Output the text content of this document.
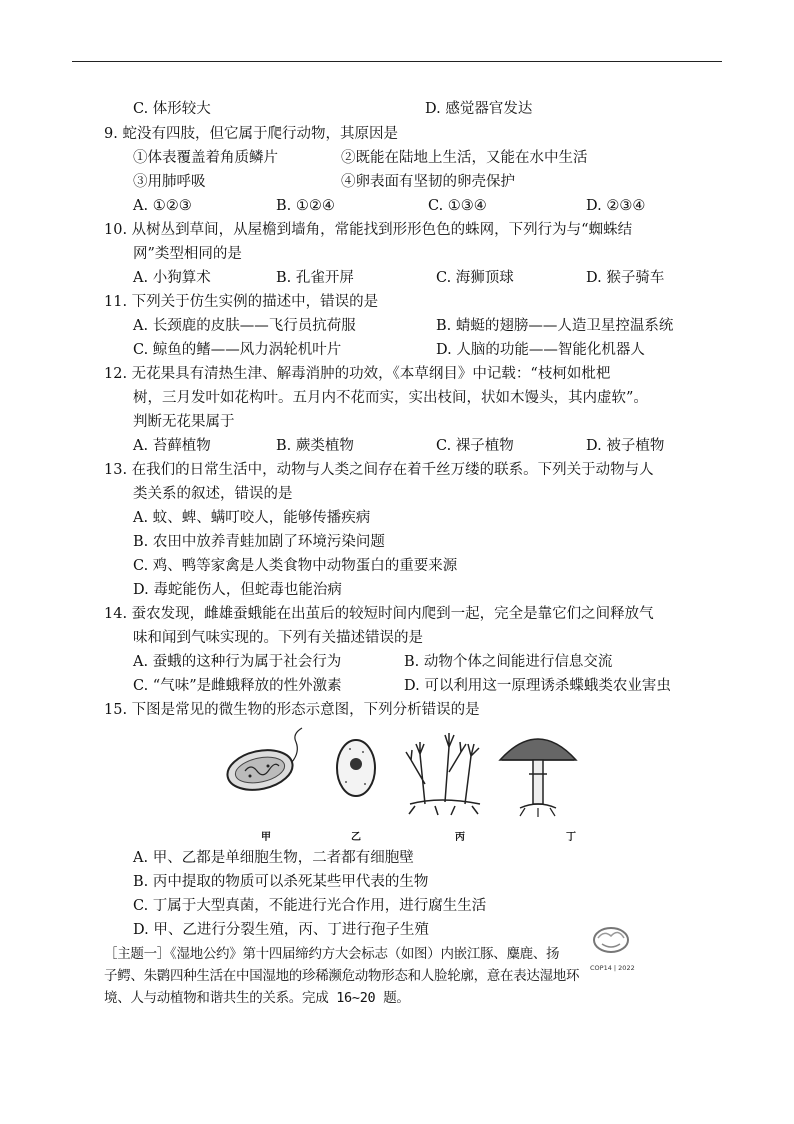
C. 体形较大	D. 感觉器官发达
9. 蛇没有四肢，但它属于爬行动物，其原因是
①体表覆盖着角质鳞片	②既能在陆地上生活，又能在水中生活
③用肺呼吸	④卵表面有坚韧的卵壳保护
A. ①②③	B. ①②④	C. ①③④	D. ②③④
10. 从树丛到草间，从屋檐到墙角，常能找到形形色色的蛛网，下列行为与“蜘蛛结
网”类型相同的是
A. 小狗算术	B. 孔雀开屏	C. 海狮顶球	D. 猴子骑车
11. 下列关于仿生实例的描述中，错误的是
A. 长颈鹿的皮肤——飞行员抗荷服	B. 蜻蜓的翅膀——人造卫星控温系统
C. 鲸鱼的鳍——风力涡轮机叶片	D. 人脑的功能——智能化机器人
12. 无花果具有清热生津、解毒消肿的功效，《本草纲目》中记载：“枝柯如枇杷
树，三月发叶如花构叶。五月内不花而实，实出枝间，状如木馒头，其内虚软”。
判断无花果属于
A. 苔藓植物	B. 蕨类植物	C. 裸子植物	D. 被子植物
13. 在我们的日常生活中，动物与人类之间存在着千丝万缕的联系。下列关于动物与人
类关系的叙述，错误的是
A. 蚊、蜱、螨叮咬人，能够传播疾病
B. 农田中放养青蛙加剧了环境污染问题
C. 鸡、鸭等家禽是人类食物中动物蛋白的重要来源
D. 毒蛇能伤人，但蛇毒也能治病
14. 蚕农发现，雌雄蚕蛾能在出茧后的较短时间内爬到一起，完全是靠它们之间释放气
味和闻到气味实现的。下列有关描述错误的是
A. 蚕蛾的这种行为属于社会行为	B. 动物个体之间能进行信息交流
C. “气味”是雌蛾释放的性外激素	D. 可以利用这一原理诱杀蝶蛾类农业害虫
15. 下图是常见的微生物的形态示意图，下列分析错误的是
甲	乙	丙	丁
A. 甲、乙都是单细胞生物，二者都有细胞壁
B. 丙中提取的物质可以杀死某些甲代表的生物
C. 丁属于大型真菌，不能进行光合作用，进行腐生生活
D. 甲、乙进行分裂生殖，丙、丁进行孢子生殖
［主题一］《湿地公约》第十四届缔约方大会标志（如图）内嵌江豚、麋鹿、扬
子鳄、朱鹮四种生活在中国湿地的珍稀濒危动物形态和人脸轮廓，意在表达湿地环
境、人与动植物和谐共生的关系。完成 16~20 题。
COP14 | 2022
